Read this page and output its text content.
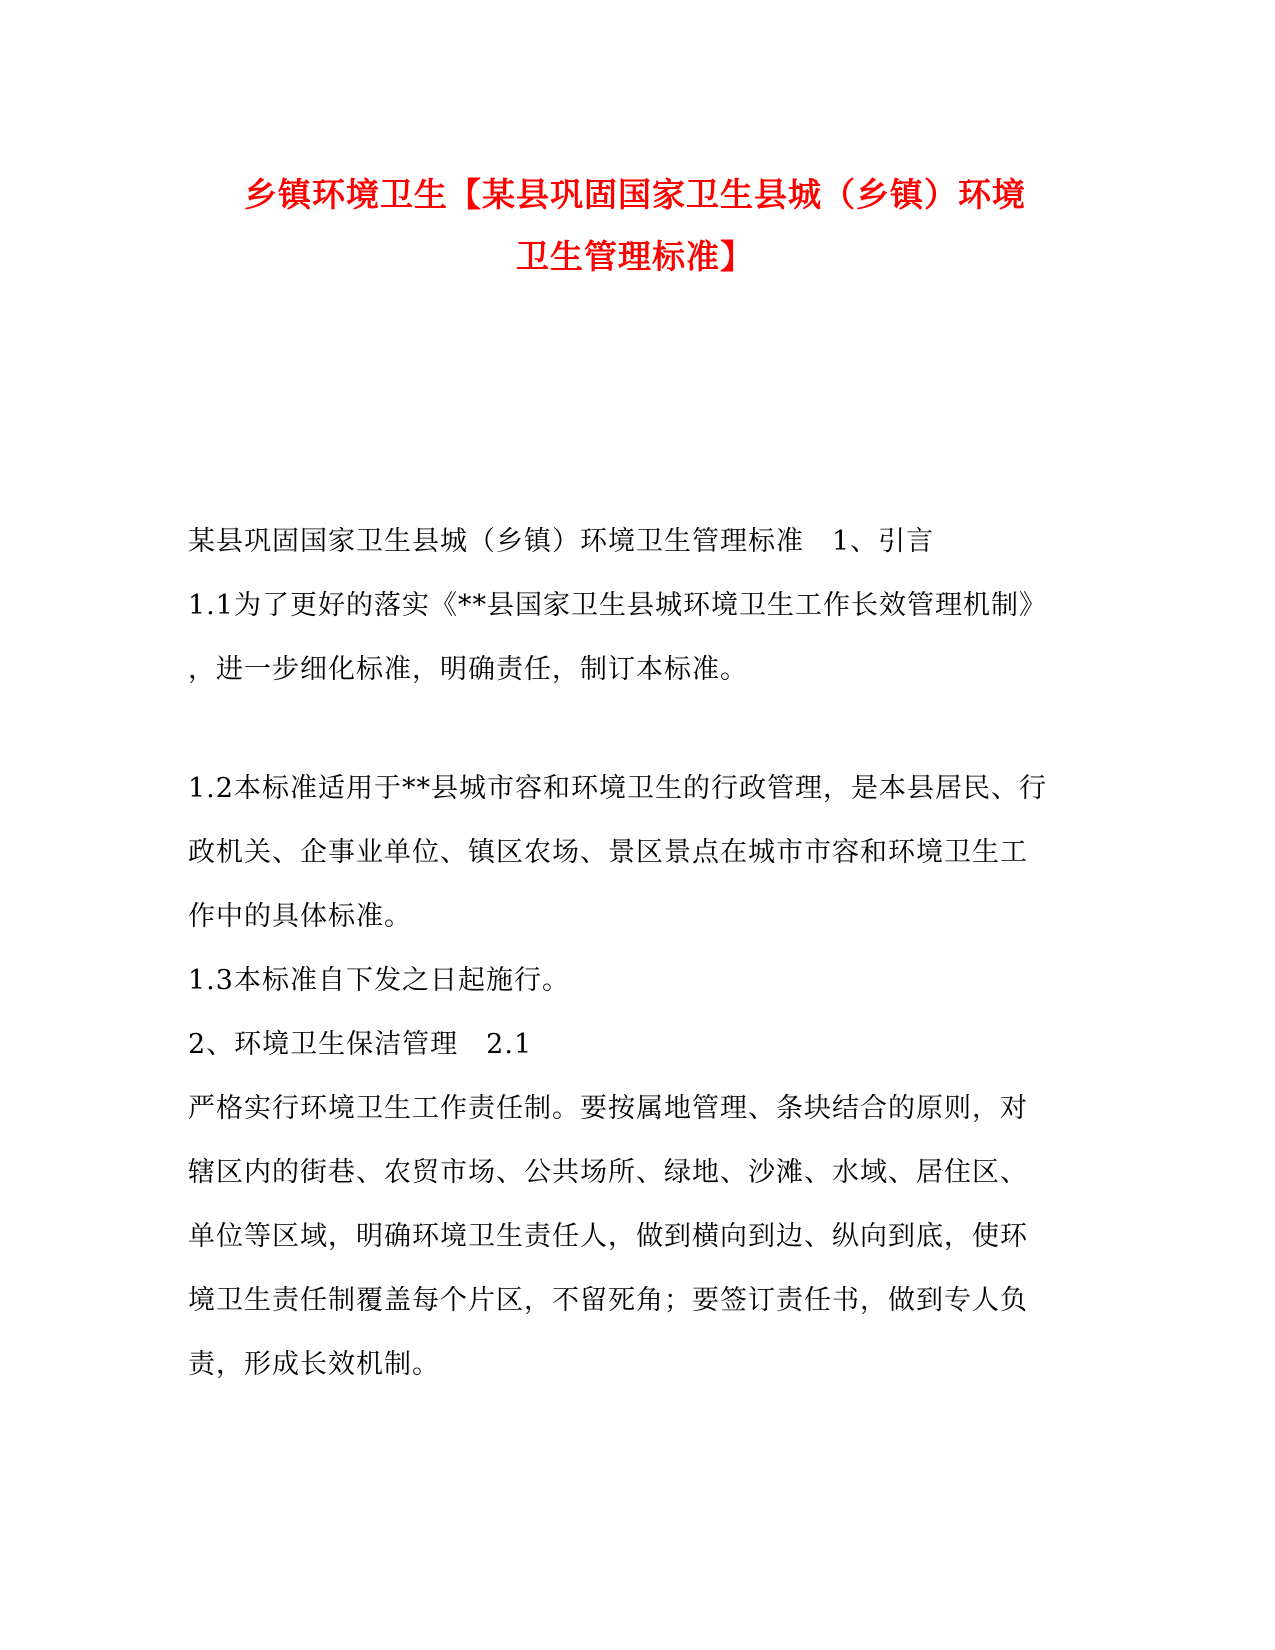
乡镇环境卫生【某县巩固国家卫生县城（乡镇）环境
卫生管理标准】
某县巩固国家卫生县城（乡镇）环境卫生管理标准　1、引言
1.1为了更好的落实《**县国家卫生县城环境卫生工作长效管理机制》
，进一步细化标准，明确责任，制订本标准。
1.2本标准适用于**县城市容和环境卫生的行政管理，是本县居民、行
政机关、企事业单位、镇区农场、景区景点在城市市容和环境卫生工
作中的具体标准。
1.3本标准自下发之日起施行。
2、环境卫生保洁管理　2.1
严格实行环境卫生工作责任制。要按属地管理、条块结合的原则，对
辖区内的街巷、农贸市场、公共场所、绿地、沙滩、水域、居住区、
单位等区域，明确环境卫生责任人，做到横向到边、纵向到底，使环
境卫生责任制覆盖每个片区，不留死角；要签订责任书，做到专人负
责，形成长效机制。
